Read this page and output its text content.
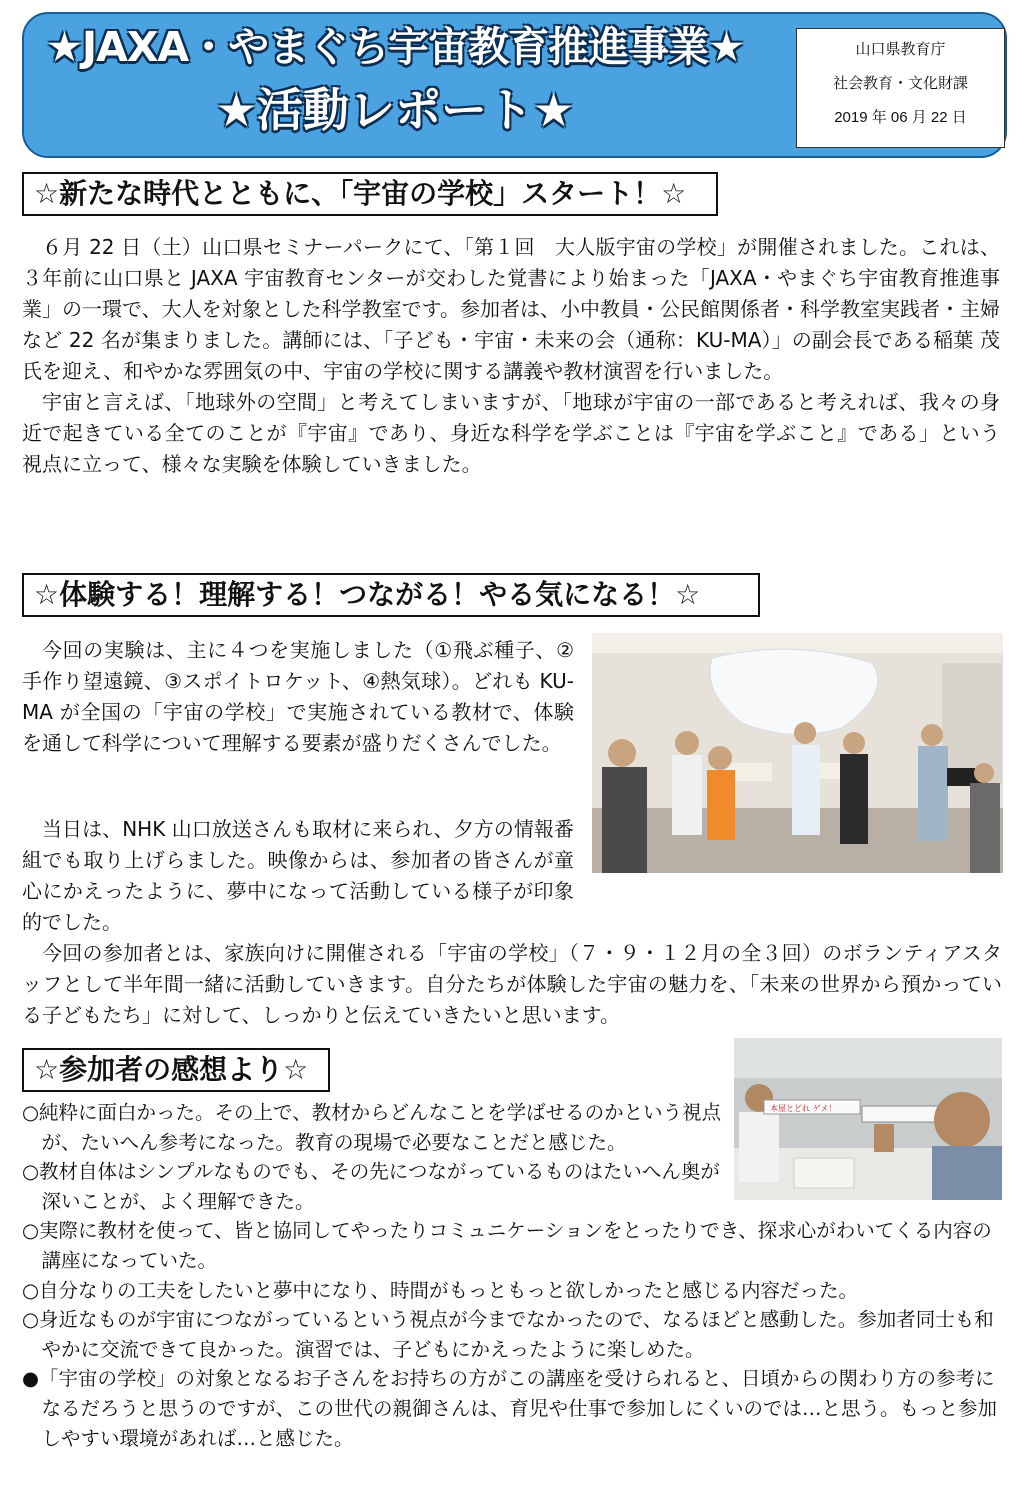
★JAXA・やまぐち宇宙教育推進事業★
★活動レポート★
山口県教育庁
社会教育・文化財課
2019 年 06 月 22 日
☆新たな時代とともに、「宇宙の学校」スタート！☆

６月 22 日（土）山口県セミナーパークにて、「第１回　大人版宇宙の学校」が開催されました。これは、３年前に山口県と JAXA 宇宙教育センターが交わした覚書により始まった「JAXA・やまぐち宇宙教育推進事業」の一環で、大人を対象とした科学教室です。参加者は、小中教員・公民館関係者・科学教室実践者・主婦など 22 名が集まりました。講師には、「子ども・宇宙・未来の会（通称：KU-MA）」の副会長である稲葉 茂氏を迎え、和やかな雰囲気の中、宇宙の学校に関する講義や教材演習を行いました。

宇宙と言えば、「地球外の空間」と考えてしまいますが、「地球が宇宙の一部であると考えれば、我々の身近で起きている全てのことが『宇宙』であり、身近な科学を学ぶことは『宇宙を学ぶこと』である」という視点に立って、様々な実験を体験していきました。

☆体験する！理解する！つながる！やる気になる！☆

今回の実験は、主に４つを実施しました（①飛ぶ種子、②手作り望遠鏡、③スポイトロケット、④熱気球）。どれも KU-MA が全国の「宇宙の学校」で実施されている教材で、体験を通して科学について理解する要素が盛りだくさんでした。

当日は、NHK 山口放送さんも取材に来られ、夕方の情報番組でも取り上げらました。映像からは、参加者の皆さんが童心にかえったように、夢中になって活動している様子が印象的でした。

今回の参加者とは、家族向けに開催される「宇宙の学校」（７・９・１２月の全３回）のボランティアスタッフとして半年間一緒に活動していきます。自分たちが体験した宇宙の魅力を、「未来の世界から預かっている子どもたち」に対して、しっかりと伝えていきたいと思います。

☆参加者の感想より☆
本屋とどれ ゲメ！

○純粋に面白かった。その上で、教材からどんなことを学ばせるのかという視点が、たいへん参考になった。教育の現場で必要なことだと感じた。

○教材自体はシンプルなものでも、その先につながっているものはたいへん奥が深いことが、よく理解できた。

○実際に教材を使って、皆と協同してやったりコミュニケーションをとったりでき、探求心がわいてくる内容の講座になっていた。

○自分なりの工夫をしたいと夢中になり、時間がもっともっと欲しかったと感じる内容だった。

○身近なものが宇宙につながっているという視点が今までなかったので、なるほどと感動した。参加者同士も和やかに交流できて良かった。演習では、子どもにかえったように楽しめた。

●「宇宙の学校」の対象となるお子さんをお持ちの方がこの講座を受けられると、日頃からの関わり方の参考になるだろうと思うのですが、この世代の親御さんは、育児や仕事で参加しにくいのでは…と思う。もっと参加しやすい環境があれば…と感じた。
